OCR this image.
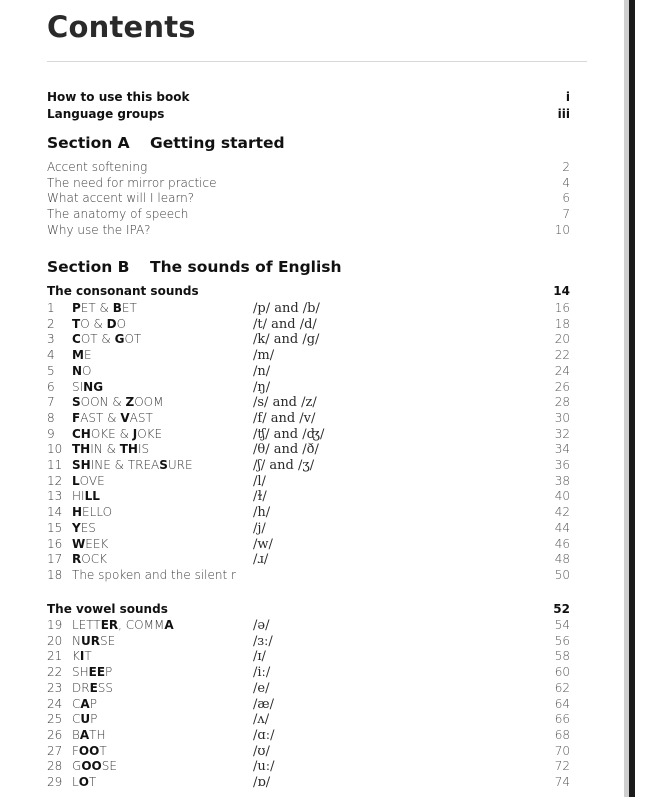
Contents
How to use this book	i
Language groups	iii
Section A Getting started
Accent softening	2
The need for mirror practice	4
What accent will I learn?	6
The anatomy of speech	7
Why use the IPA?	10
Section B The sounds of English
The consonant sounds	14
1	PET & BET	/p/ and /b/	16
2	TO & DO	/t/ and /d/	18
3	COT & GOT	/k/ and /g/	20
4	ME	/m/	22
5	NO	/n/	24
6	SING	/ŋ/	26
7	SOON & ZOOM	/s/ and /z/	28
8	FAST & VAST	/f/ and /v/	30
9	CHOKE & JOKE	/ʧ/ and /ʤ/	32
10 THIN & THIS	/θ/ and /ð/	34
11 SHINE & TREASURE	/ʃ/ and /ʒ/	36
12 LOVE	/l/	38
13 HILL	/ɫ/	40
14 HELLO	/h/	42
15 YES	/j/	44
16 WEEK	/w/	46
17 ROCK	/ɹ/	48
18 The spoken and the silent r	50
The vowel sounds	52
19 LETTER, COMMA	/ə/	54
20 NURSE	/ɜː/	56
21 KIT	/ɪ/	58
22 SHEEP	/iː/	60
23 DRESS	/e/	62
24 CAP	/æ/	64
25 CUP	/ʌ/	66
26 BATH	/ɑː/	68
27 FOOT	/ʊ/	70
28 GOOSE	/uː/	72
29 LOT	/ɒ/	74
